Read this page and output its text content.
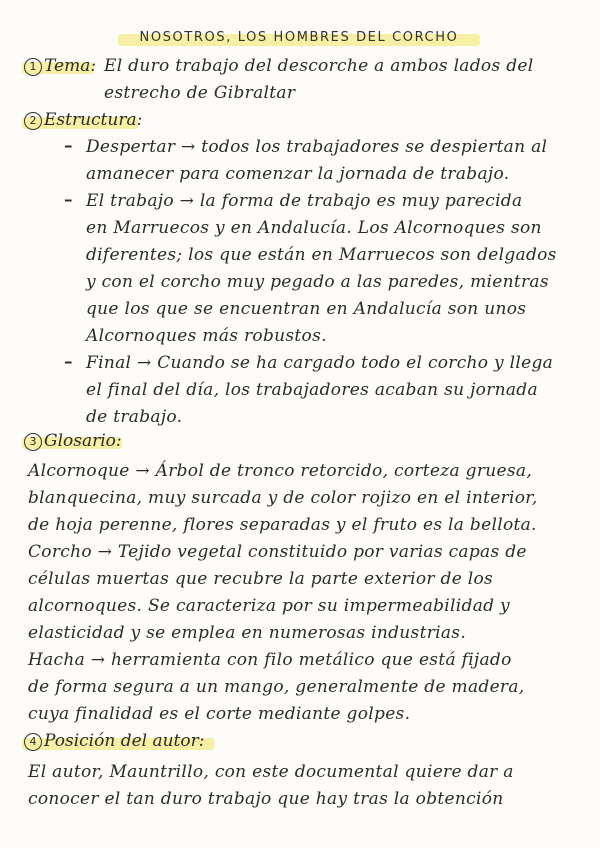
NOSOTROS, LOS HOMBRES DEL CORCHO
1 Tema: El duro trabajo del descorche a ambos lados del
estrecho de Gibraltar
2 Estructura:
– Despertar → todos los trabajadores se despiertan al
amanecer para comenzar la jornada de trabajo.
– El trabajo → la forma de trabajo es muy parecida
en Marruecos y en Andalucía. Los Alcornoques son
diferentes; los que están en Marruecos son delgados
y con el corcho muy pegado a las paredes, mientras
que los que se encuentran en Andalucía son unos
Alcornoques más robustos.
– Final → Cuando se ha cargado todo el corcho y llega
el final del día, los trabajadores acaban su jornada
de trabajo.
3 Glosario:
Alcornoque → Árbol de tronco retorcido, corteza gruesa,
blanquecina, muy surcada y de color rojizo en el interior,
de hoja perenne, flores separadas y el fruto es la bellota.
Corcho → Tejido vegetal constituido por varias capas de
células muertas que recubre la parte exterior de los
alcornoques. Se caracteriza por su impermeabilidad y
elasticidad y se emplea en numerosas industrias.
Hacha → herramienta con filo metálico que está fijado
de forma segura a un mango, generalmente de madera,
cuya finalidad es el corte mediante golpes.
4 Posición del autor:
El autor, Mauntrillo, con este documental quiere dar a
conocer el tan duro trabajo que hay tras la obtención
